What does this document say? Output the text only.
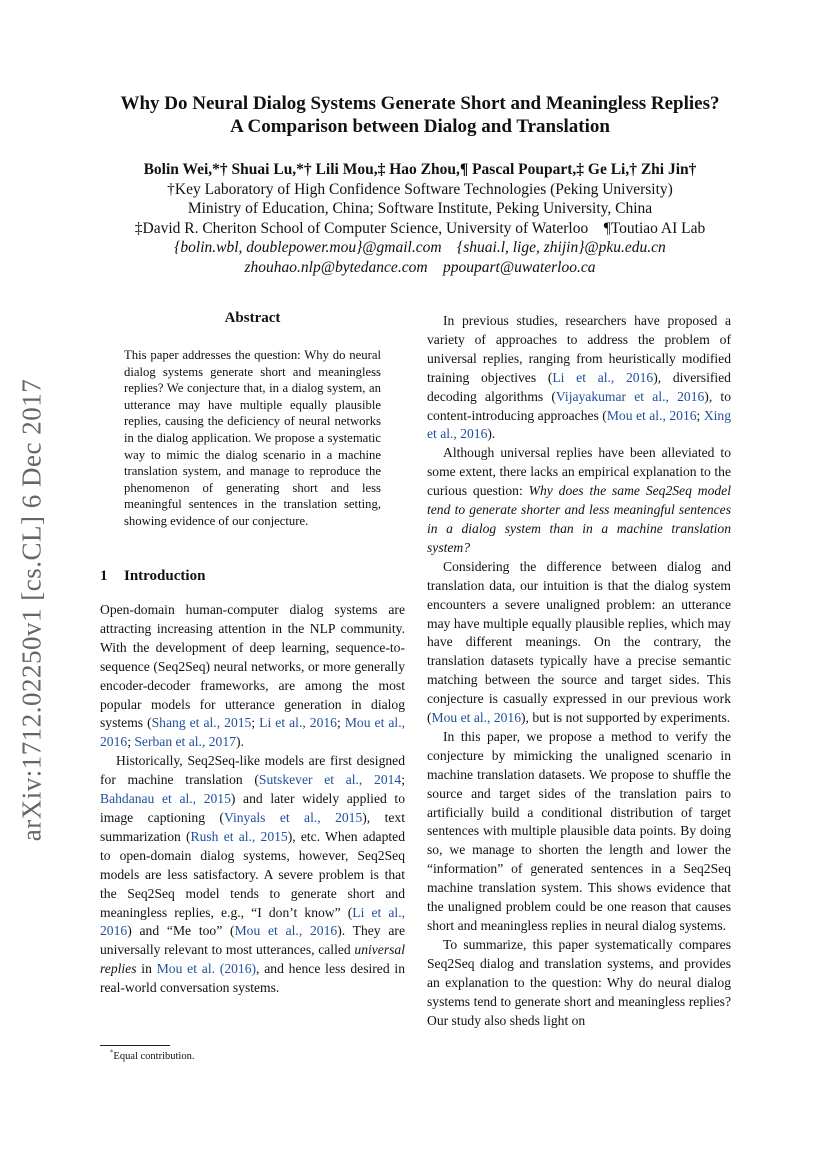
arXiv:1712.02250v1 [cs.CL] 6 Dec 2017
Why Do Neural Dialog Systems Generate Short and Meaningless Replies?
A Comparison between Dialog and Translation
Bolin Wei,*† Shuai Lu,*† Lili Mou,‡ Hao Zhou,¶ Pascal Poupart,‡ Ge Li,† Zhi Jin†
†Key Laboratory of High Confidence Software Technologies (Peking University)
Ministry of Education, China; Software Institute, Peking University, China
‡David R. Cheriton School of Computer Science, University of Waterloo    ¶Toutiao AI Lab
{bolin.wbl, doublepower.mou}@gmail.com    {shuai.l, lige, zhijin}@pku.edu.cn
zhouhao.nlp@bytedance.com    ppoupart@uwaterloo.ca
Abstract
This paper addresses the question: Why do neural dialog systems generate short and meaningless replies? We conjecture that, in a dialog system, an utterance may have multiple equally plausible replies, causing the deficiency of neural networks in the dialog application. We propose a systematic way to mimic the dialog scenario in a machine translation system, and manage to reproduce the phenomenon of generating short and less meaningful sentences in the translation setting, showing evidence of our conjecture.
1 Introduction

Open-domain human-computer dialog systems are attracting increasing attention in the NLP community. With the development of deep learning, sequence-to-sequence (Seq2Seq) neural networks, or more generally encoder-decoder frameworks, are among the most popular models for utterance generation in dialog systems (Shang et al., 2015; Li et al., 2016; Mou et al., 2016; Serban et al., 2017).

Historically, Seq2Seq-like models are first designed for machine translation (Sutskever et al., 2014; Bahdanau et al., 2015) and later widely applied to image captioning (Vinyals et al., 2015), text summarization (Rush et al., 2015), etc. When adapted to open-domain dialog systems, however, Seq2Seq models are less satisfactory. A severe problem is that the Seq2Seq model tends to generate short and meaningless replies, e.g., “I don’t know” (Li et al., 2016) and “Me too” (Mou et al., 2016). They are universally relevant to most utterances, called universal replies in Mou et al. (2016), and hence less desired in real-world conversation systems.

In previous studies, researchers have proposed a variety of approaches to address the problem of universal replies, ranging from heuristically modified training objectives (Li et al., 2016), diversified decoding algorithms (Vijayakumar et al., 2016), to content-introducing approaches (Mou et al., 2016; Xing et al., 2016).

Although universal replies have been alleviated to some extent, there lacks an empirical explanation to the curious question: Why does the same Seq2Seq model tend to generate shorter and less meaningful sentences in a dialog system than in a machine translation system?

Considering the difference between dialog and translation data, our intuition is that the dialog system encounters a severe unaligned problem: an utterance may have multiple equally plausible replies, which may have different meanings. On the contrary, the translation datasets typically have a precise semantic matching between the source and target sides. This conjecture is casually expressed in our previous work (Mou et al., 2016), but is not supported by experiments.

In this paper, we propose a method to verify the conjecture by mimicking the unaligned scenario in machine translation datasets. We propose to shuffle the source and target sides of the translation pairs to artificially build a conditional distribution of target sentences with multiple plausible data points. By doing so, we manage to shorten the length and lower the “information” of generated sentences in a Seq2Seq machine translation system. This shows evidence that the unaligned problem could be one reason that causes short and meaningless replies in neural dialog systems.

To summarize, this paper systematically compares Seq2Seq dialog and translation systems, and provides an explanation to the question: Why do neural dialog systems tend to generate short and meaningless replies? Our study also sheds light on

*Equal contribution.
